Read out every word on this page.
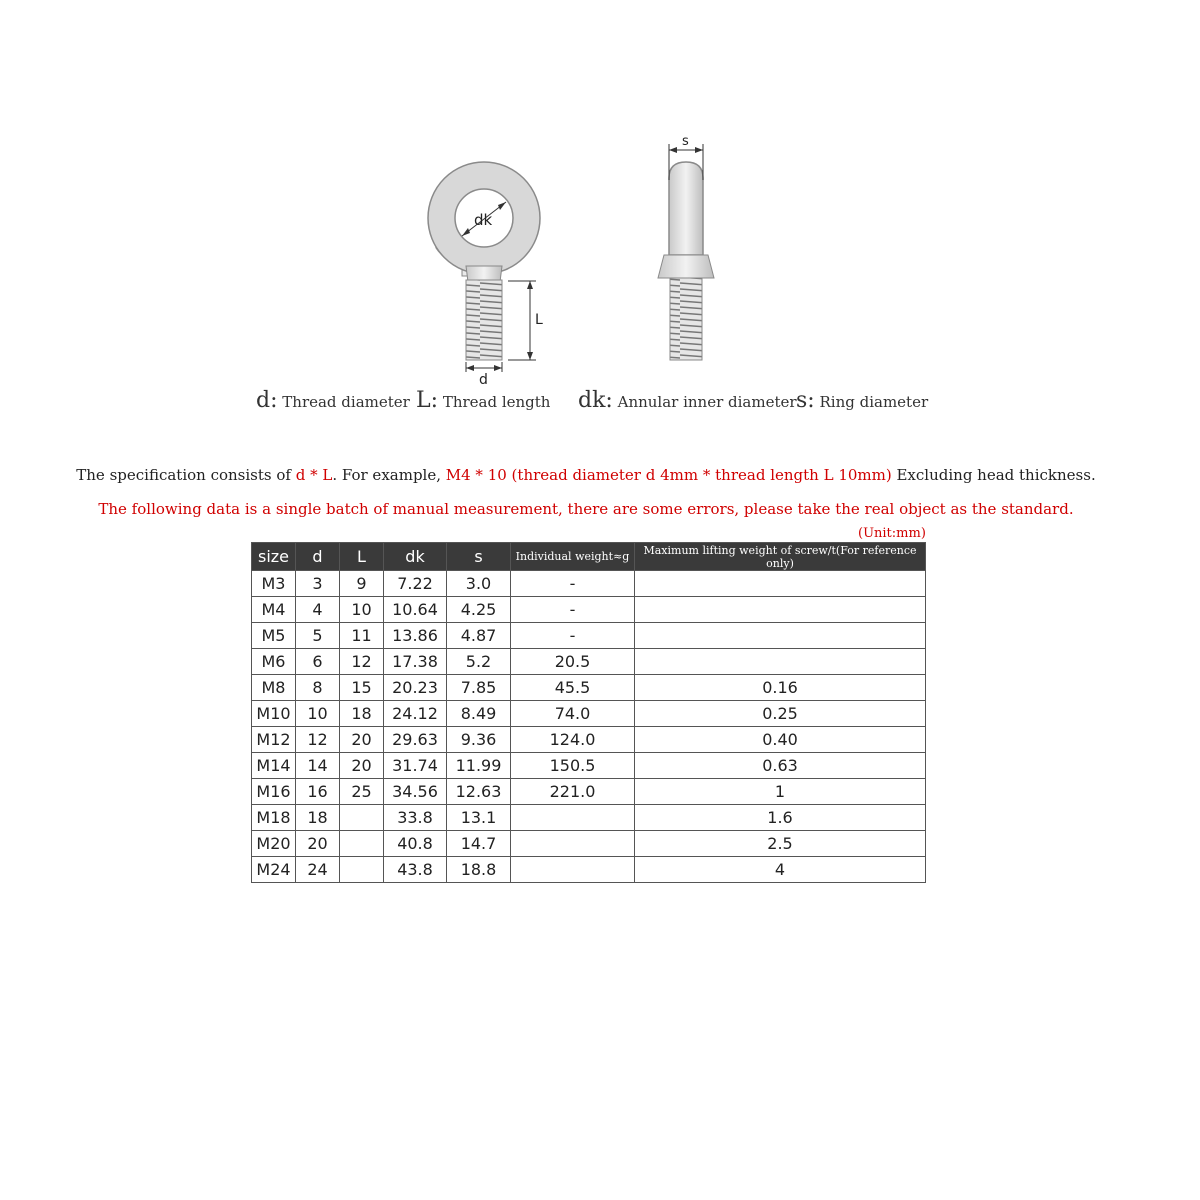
dk
L
d
s
d: Thread diameter L: Thread length dk: Annular inner diameter s: Ring diameter
The specification consists of d * L. For example, M4 * 10 (thread diameter d 4mm * thread length L 10mm) Excluding head thickness.
The following data is a single batch of manual measurement, there are some errors, please take the real object as the standard.
(Unit:mm)
size	d	L	dk	s	Individual weight≈g	Maximum lifting weight of screw/t(For reference only)
M3	3	9	7.22	3.0	-	
M4	4	10	10.64	4.25	-	
M5	5	11	13.86	4.87	-	
M6	6	12	17.38	5.2	20.5	
M8	8	15	20.23	7.85	45.5	0.16
M10	10	18	24.12	8.49	74.0	0.25
M12	12	20	29.63	9.36	124.0	0.40
M14	14	20	31.74	11.99	150.5	0.63
M16	16	25	34.56	12.63	221.0	1
M18	18		33.8	13.1		1.6
M20	20		40.8	14.7		2.5
M24	24		43.8	18.8		4
